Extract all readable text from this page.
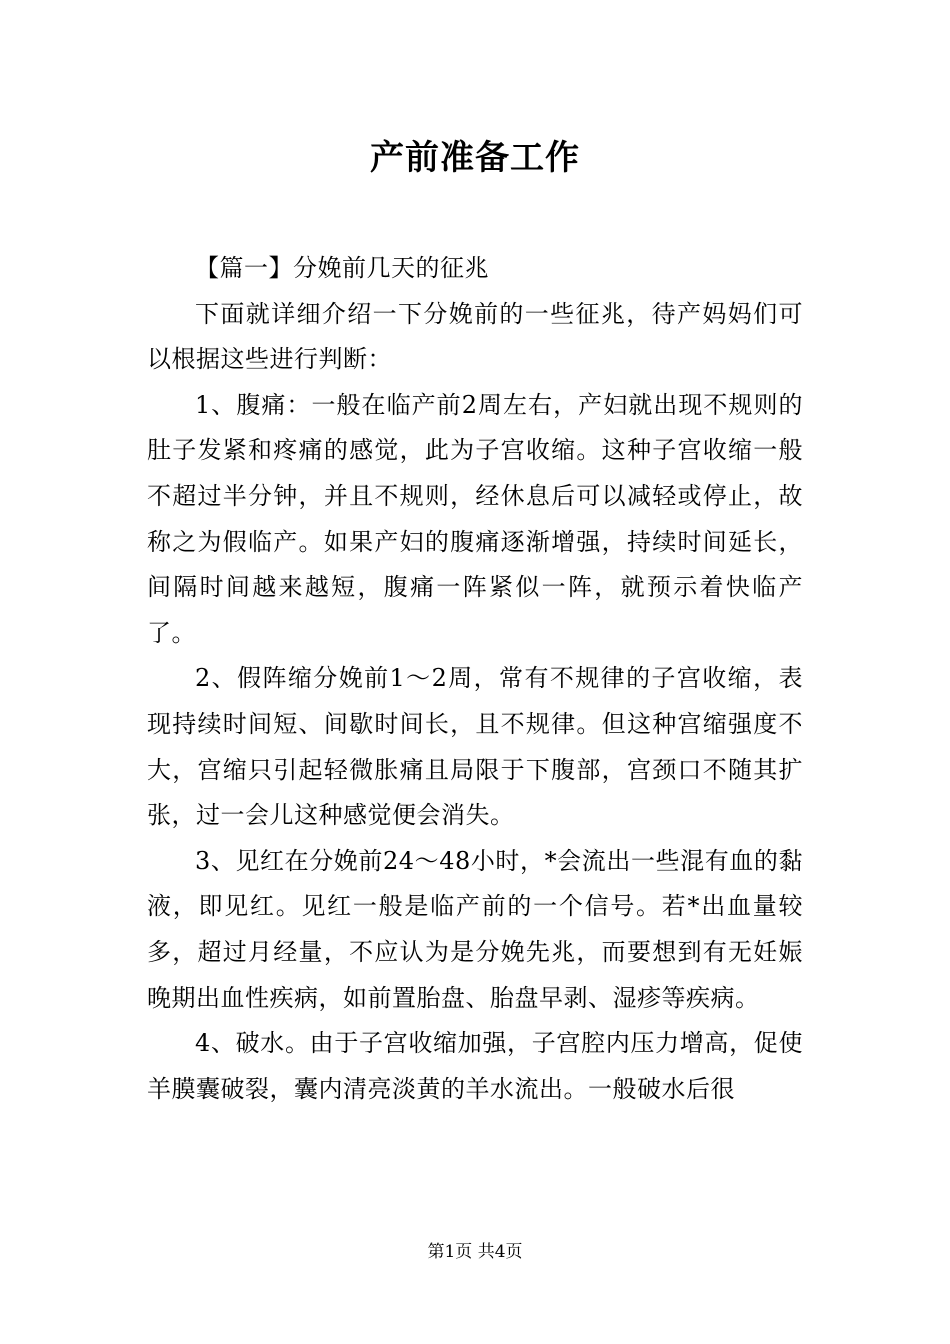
产前准备工作

【篇一】分娩前几天的征兆

下面就详细介绍一下分娩前的一些征兆，待产妈妈们可以根据这些进行判断：

1、腹痛：一般在临产前2周左右，产妇就出现不规则的肚子发紧和疼痛的感觉，此为子宫收缩。这种子宫收缩一般不超过半分钟，并且不规则，经休息后可以减轻或停止，故称之为假临产。如果产妇的腹痛逐渐增强，持续时间延长，间隔时间越来越短，腹痛一阵紧似一阵，就预示着快临产了。

2、假阵缩分娩前1～2周，常有不规律的子宫收缩，表现持续时间短、间歇时间长，且不规律。但这种宫缩强度不大，宫缩只引起轻微胀痛且局限于下腹部，宫颈口不随其扩张，过一会儿这种感觉便会消失。

3、见红在分娩前24～48小时，*会流出一些混有血的黏液，即见红。见红一般是临产前的一个信号。若*出血量较多，超过月经量，不应认为是分娩先兆，而要想到有无妊娠晚期出血性疾病，如前置胎盘、胎盘早剥、湿疹等疾病。

4、破水。由于子宫收缩加强，子宫腔内压力增高，促使羊膜囊破裂，囊内清亮淡黄的羊水流出。一般破水后很

第1页 共4页
